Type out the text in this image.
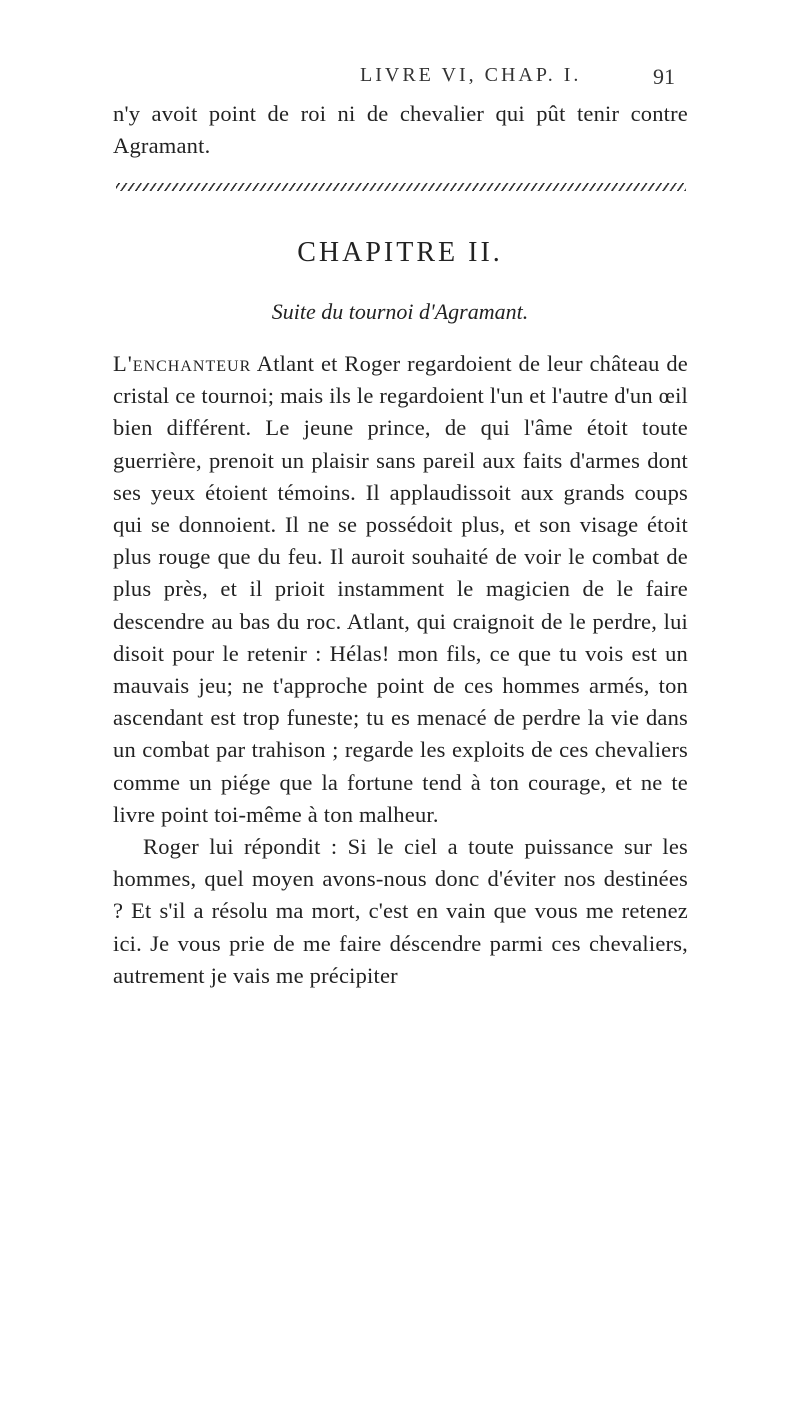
LIVRE VI, CHAP. I.	91

n'y avoit point de roi ni de chevalier qui pût tenir contre Agramant.

CHAPITRE II.

Suite du tournoi d'Agramant.

L'enchanteur Atlant et Roger regardoient de leur château de cristal ce tournoi; mais ils le regardoient l'un et l'autre d'un œil bien différent. Le jeune prince, de qui l'âme étoit toute guerrière, prenoit un plaisir sans pareil aux faits d'armes dont ses yeux étoient témoins. Il applaudissoit aux grands coups qui se donnoient. Il ne se possédoit plus, et son visage étoit plus rouge que du feu. Il auroit souhaité de voir le combat de plus près, et il prioit instamment le magicien de le faire descendre au bas du roc. Atlant, qui craignoit de le perdre, lui disoit pour le retenir : Hélas! mon fils, ce que tu vois est un mauvais jeu; ne t'approche point de ces hommes armés, ton ascendant est trop funeste; tu es menacé de perdre la vie dans un combat par trahison ; regarde les exploits de ces chevaliers comme un piége que la fortune tend à ton courage, et ne te livre point toi-même à ton malheur.

Roger lui répondit : Si le ciel a toute puissance sur les hommes, quel moyen avons-nous donc d'éviter nos destinées ? Et s'il a résolu ma mort, c'est en vain que vous me retenez ici. Je vous prie de me faire déscendre parmi ces chevaliers, autrement je vais me précipiter
